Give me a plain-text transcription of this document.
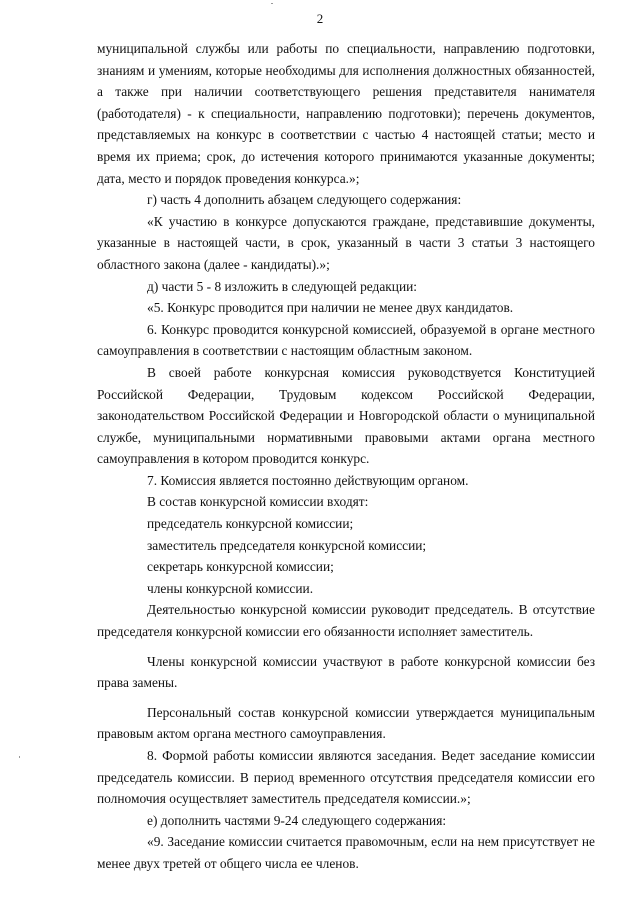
2

муниципальной службы или работы по специальности, направлению подготовки, знаниям и умениям, которые необходимы для исполнения должностных обязанностей, а также при наличии соответствующего решения представителя нанимателя (работодателя) - к специальности, направлению подготовки); перечень документов, представляемых на конкурс в соответствии с частью 4 настоящей статьи; место и время их приема; срок, до истечения которого принимаются указанные документы; дата, место и порядок проведения конкурса.»;

г) часть 4 дополнить абзацем следующего содержания:

«К участию в конкурсе допускаются граждане, представившие документы, указанные в настоящей части, в срок, указанный в части 3 статьи 3 настоящего областного закона (далее - кандидаты).»;

д) части 5 - 8 изложить в следующей редакции:

«5. Конкурс проводится при наличии не менее двух кандидатов.

6. Конкурс проводится конкурсной комиссией, образуемой в органе местного самоуправления в соответствии с настоящим областным законом.

В своей работе конкурсная комиссия руководствуется Конституцией Российской Федерации, Трудовым кодексом Российской Федерации, законодательством Российской Федерации и Новгородской области о муниципальной службе, муниципальными нормативными правовыми актами органа местного самоуправления в котором проводится конкурс.

7. Комиссия является постоянно действующим органом.

В состав конкурсной комиссии входят:

председатель конкурсной комиссии;

заместитель председателя конкурсной комиссии;

секретарь конкурсной комиссии;

члены конкурсной комиссии.

Деятельностью конкурсной комиссии руководит председатель. В отсутствие председателя конкурсной комиссии его обязанности исполняет заместитель.

Члены конкурсной комиссии участвуют в работе конкурсной комиссии без права замены.

Персональный состав конкурсной комиссии утверждается муниципальным правовым актом органа местного самоуправления.

8. Формой работы комиссии являются заседания. Ведет заседание комиссии председатель комиссии. В период временного отсутствия председателя комиссии его полномочия осуществляет заместитель председателя комиссии.»;

е) дополнить частями 9-24 следующего содержания:

«9. Заседание комиссии считается правомочным, если на нем присутствует не менее двух третей от общего числа ее членов.
